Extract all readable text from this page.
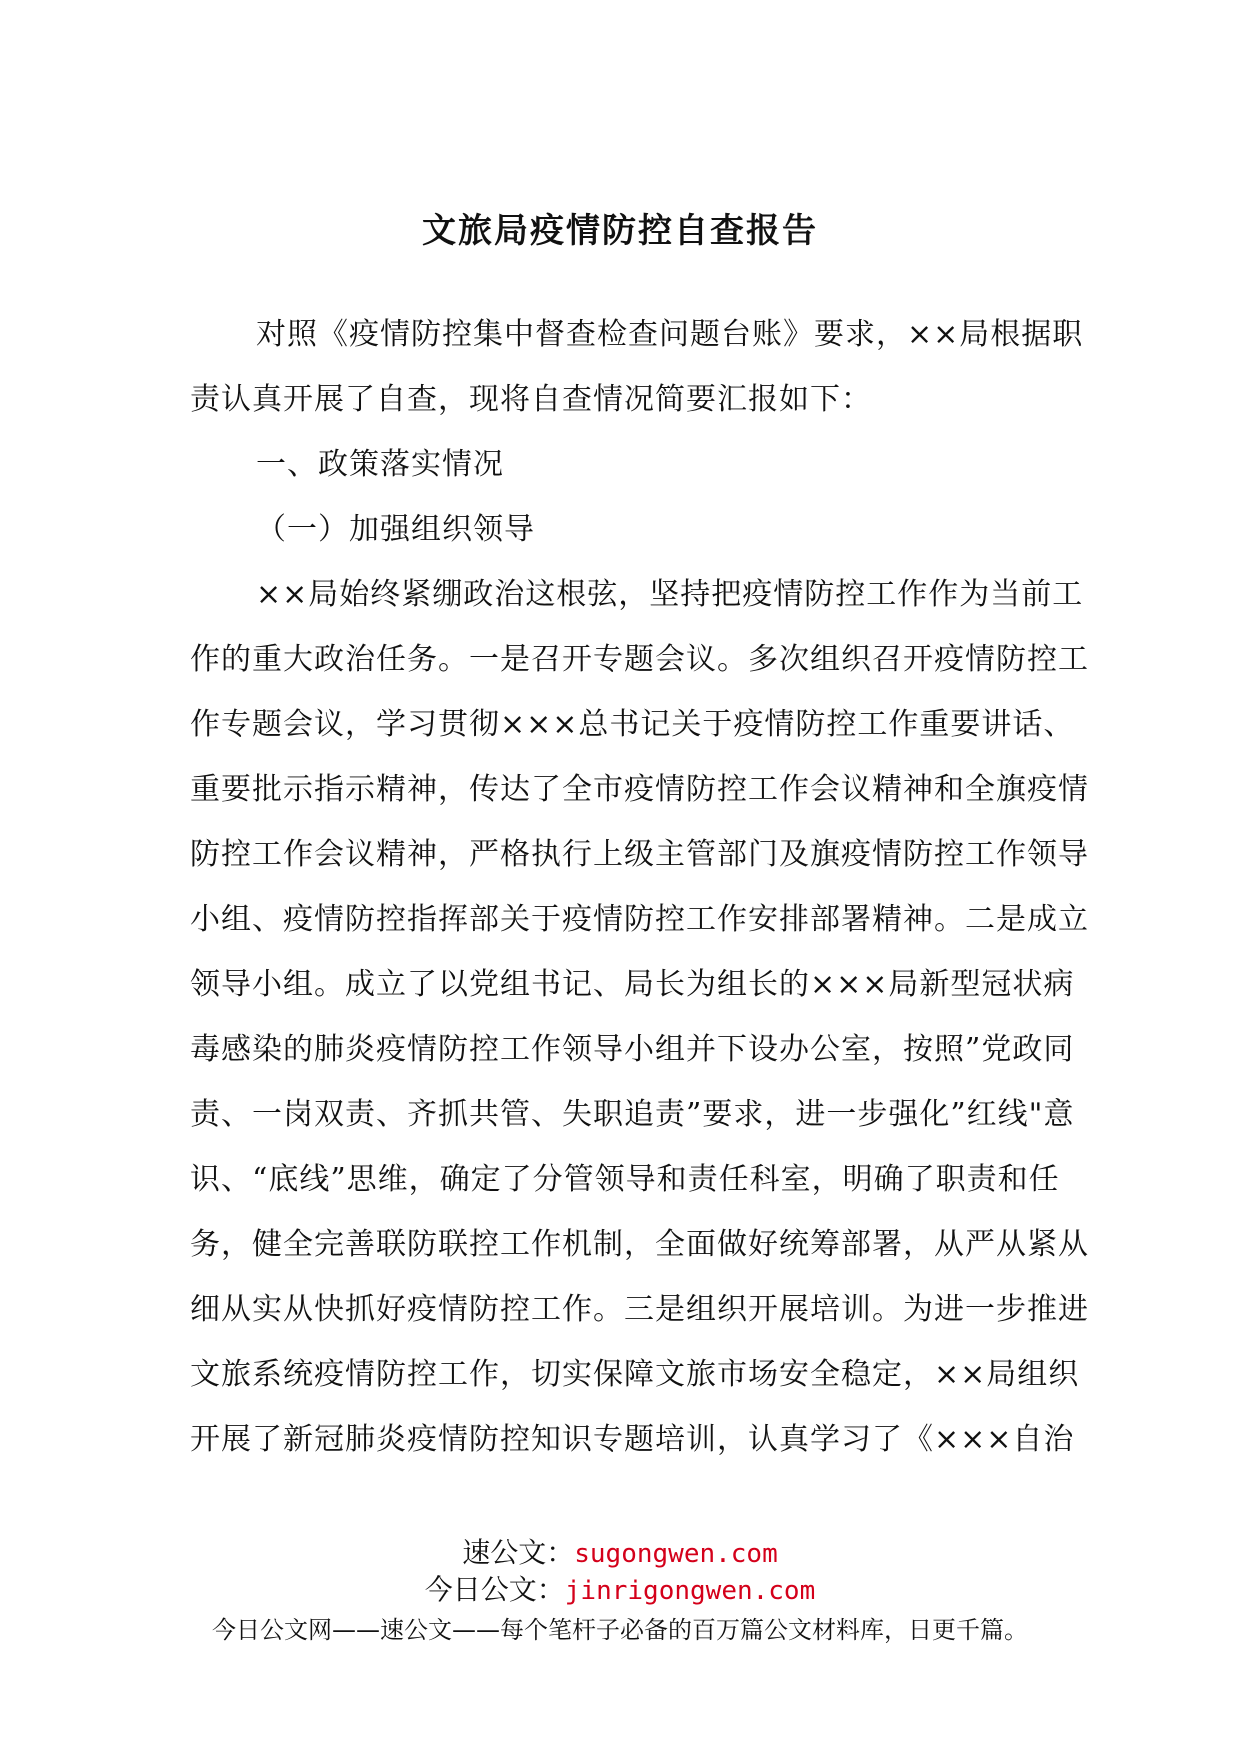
文旅局疫情防控自查报告
对照《疫情防控集中督查检查问题台账》要求，××局根据职
责认真开展了自查，现将自查情况简要汇报如下：
一、政策落实情况
（一）加强组织领导
××局始终紧绷政治这根弦，坚持把疫情防控工作作为当前工
作的重大政治任务。一是召开专题会议。多次组织召开疫情防控工
作专题会议，学习贯彻×××总书记关于疫情防控工作重要讲话、
重要批示指示精神，传达了全市疫情防控工作会议精神和全旗疫情
防控工作会议精神，严格执行上级主管部门及旗疫情防控工作领导
小组、疫情防控指挥部关于疫情防控工作安排部署精神。二是成立
领导小组。成立了以党组书记、局长为组长的×××局新型冠状病
毒感染的肺炎疫情防控工作领导小组并下设办公室，按照”党政同
责、一岗双责、齐抓共管、失职追责”要求，进一步强化”红线"意
识、“底线”思维，确定了分管领导和责任科室，明确了职责和任
务，健全完善联防联控工作机制，全面做好统筹部署，从严从紧从
细从实从快抓好疫情防控工作。三是组织开展培训。为进一步推进
文旅系统疫情防控工作，切实保障文旅市场安全稳定，××局组织
开展了新冠肺炎疫情防控知识专题培训，认真学习了《×××自治
速公文：sugongwen.com
今日公文：jinrigongwen.com
今日公文网——速公文——每个笔杆子必备的百万篇公文材料库，日更千篇。
